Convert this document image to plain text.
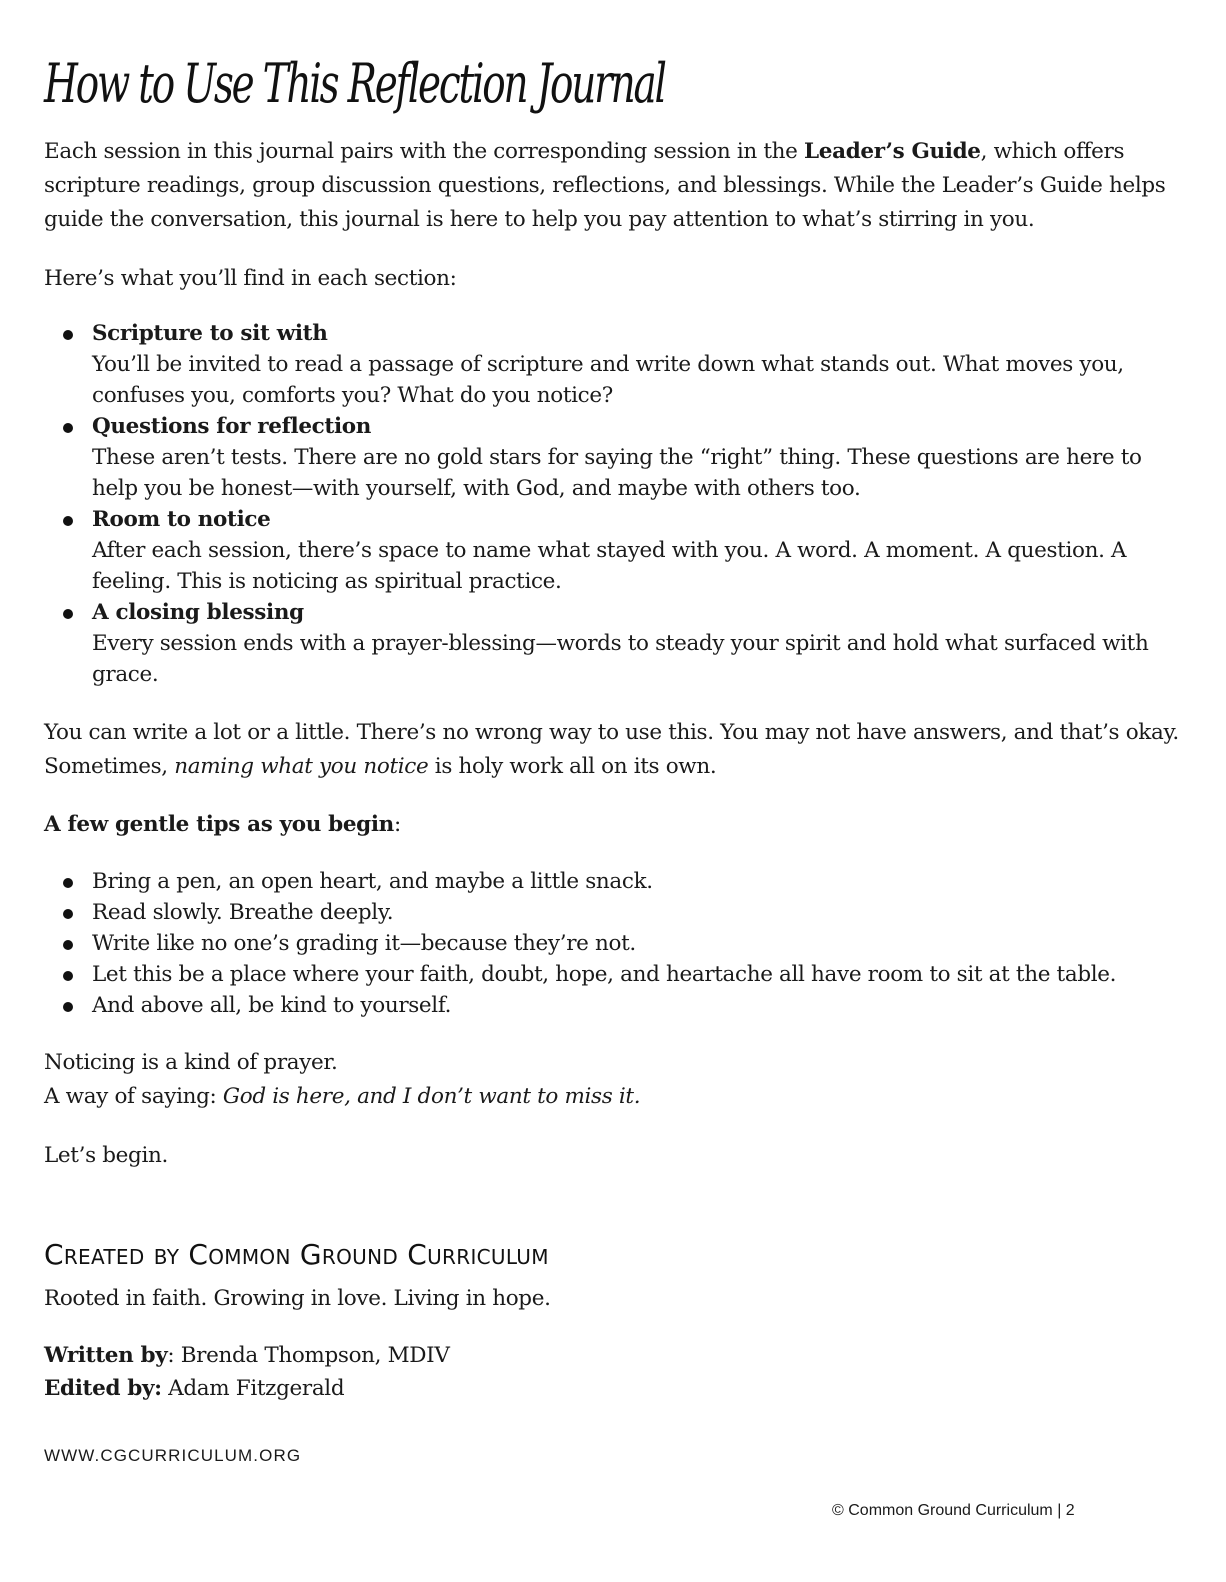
How to Use This Reflection Journal

Each session in this journal pairs with the corresponding session in the Leader’s Guide, which offers scripture readings, group discussion questions, reflections, and blessings. While the Leader’s Guide helps guide the conversation, this journal is here to help you pay attention to what’s stirring in you.

Here’s what you’ll find in each section:

Scripture to sit with
You’ll be invited to read a passage of scripture and write down what stands out. What moves you, confuses you, comforts you? What do you notice?
Questions for reflection
These aren’t tests. There are no gold stars for saying the “right” thing. These questions are here to help you be honest—with yourself, with God, and maybe with others too.
Room to notice
After each session, there’s space to name what stayed with you. A word. A moment. A question. A feeling. This is noticing as spiritual practice.
A closing blessing
Every session ends with a prayer-blessing—words to steady your spirit and hold what surfaced with grace.

You can write a lot or a little. There’s no wrong way to use this. You may not have answers, and that’s okay. Sometimes, naming what you notice is holy work all on its own.

A few gentle tips as you begin:

Bring a pen, an open heart, and maybe a little snack.
Read slowly. Breathe deeply.
Write like no one’s grading it—because they’re not.
Let this be a place where your faith, doubt, hope, and heartache all have room to sit at the table.
And above all, be kind to yourself.

Noticing is a kind of prayer.

A way of saying: God is here, and I don’t want to miss it.

Let’s begin.

Created by Common Ground Curriculum

Rooted in faith. Growing in love. Living in hope.

Written by: Brenda Thompson, MDIV

Edited by: Adam Fitzgerald

WWW.CGCURRICULUM.ORG
© Common Ground Curriculum | 2
